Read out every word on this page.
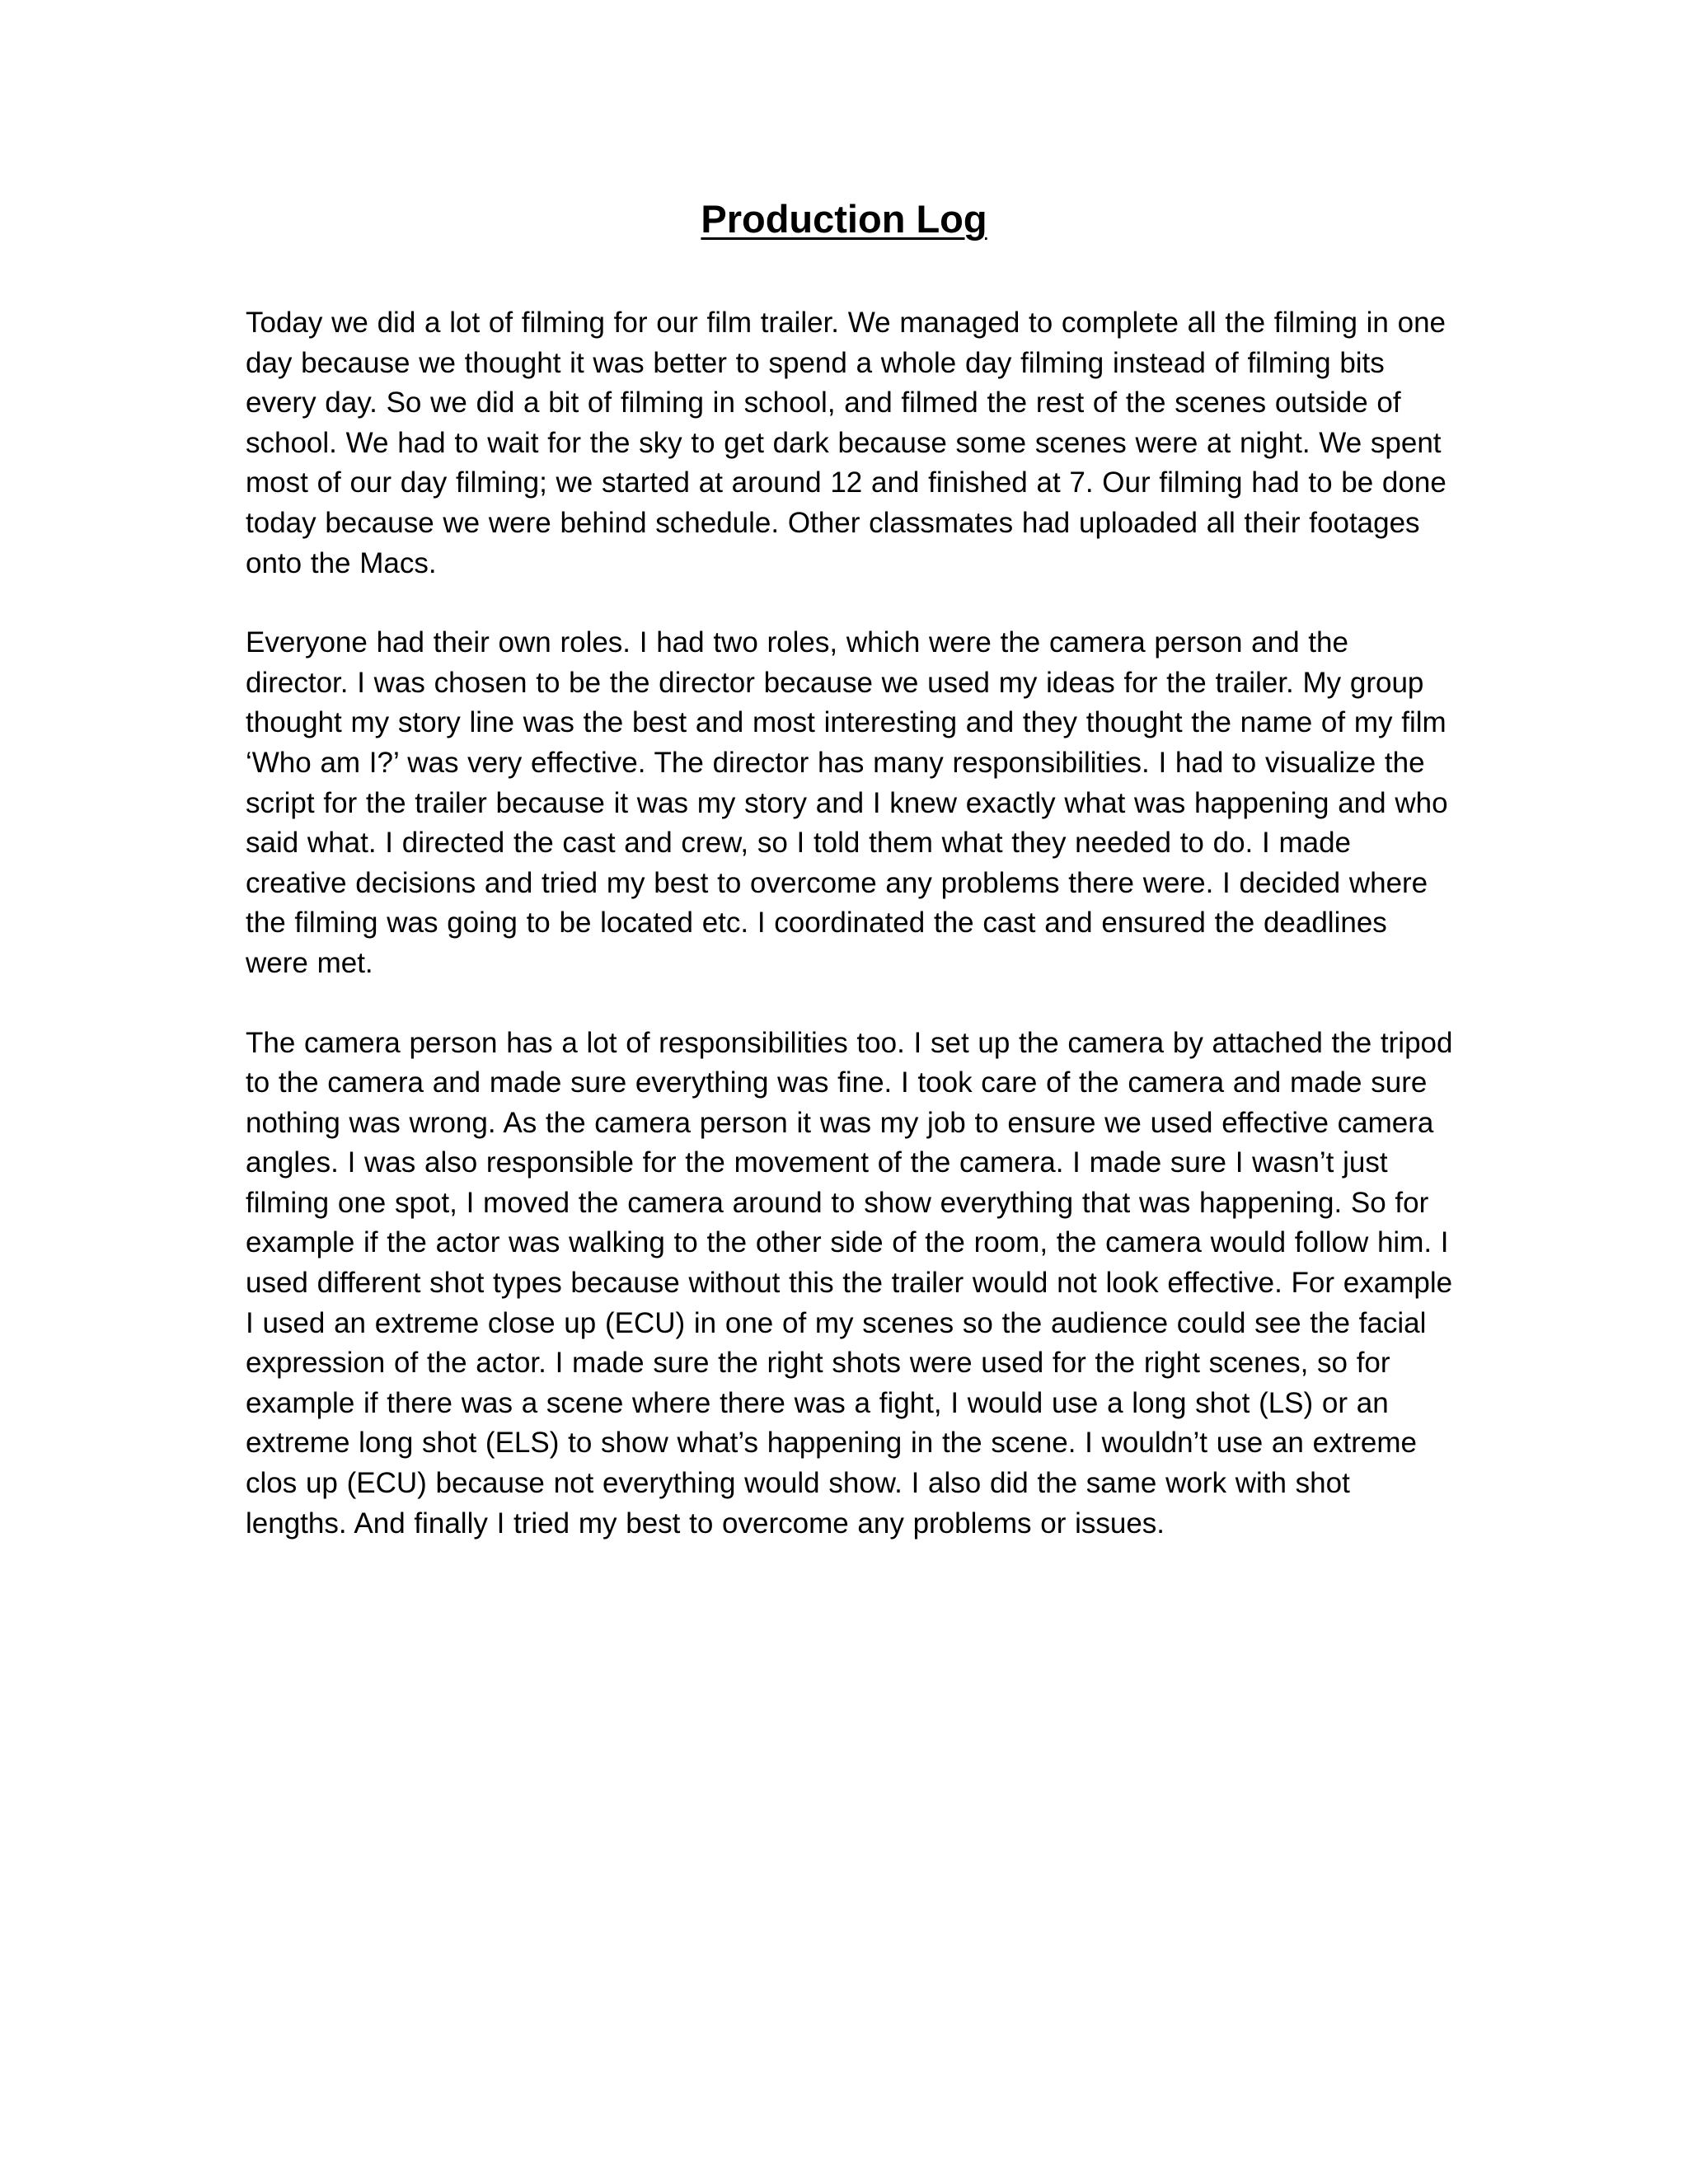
Production Log

Today we did a lot of filming for our film trailer. We managed to complete all the filming in one day because we thought it was better to spend a whole day filming instead of filming bits every day. So we did a bit of filming in school, and filmed the rest of the scenes outside of school. We had to wait for the sky to get dark because some scenes were at night. We spent most of our day filming; we started at around 12 and finished at 7. Our filming had to be done today because we were behind schedule. Other classmates had uploaded all their footages onto the Macs.

Everyone had their own roles. I had two roles, which were the camera person and the director. I was chosen to be the director because we used my ideas for the trailer. My group thought my story line was the best and most interesting and they thought the name of my film ‘Who am I?’ was very effective. The director has many responsibilities. I had to visualize the script for the trailer because it was my story and I knew exactly what was happening and who said what. I directed the cast and crew, so I told them what they needed to do. I made creative decisions and tried my best to overcome any problems there were. I decided where the filming was going to be located etc. I coordinated the cast and ensured the deadlines were met.

The camera person has a lot of responsibilities too. I set up the camera by attached the tripod to the camera and made sure everything was fine. I took care of the camera and made sure nothing was wrong. As the camera person it was my job to ensure we used effective camera angles. I was also responsible for the movement of the camera. I made sure I wasn’t just filming one spot, I moved the camera around to show everything that was happening. So for example if the actor was walking to the other side of the room, the camera would follow him. I used different shot types because without this the trailer would not look effective. For example I used an extreme close up (ECU) in one of my scenes so the audience could see the facial expression of the actor. I made sure the right shots were used for the right scenes, so for example if there was a scene where there was a fight, I would use a long shot (LS) or an extreme long shot (ELS) to show what’s happening in the scene. I wouldn’t use an extreme clos up (ECU) because not everything would show. I also did the same work with shot lengths. And finally I tried my best to overcome any problems or issues.
